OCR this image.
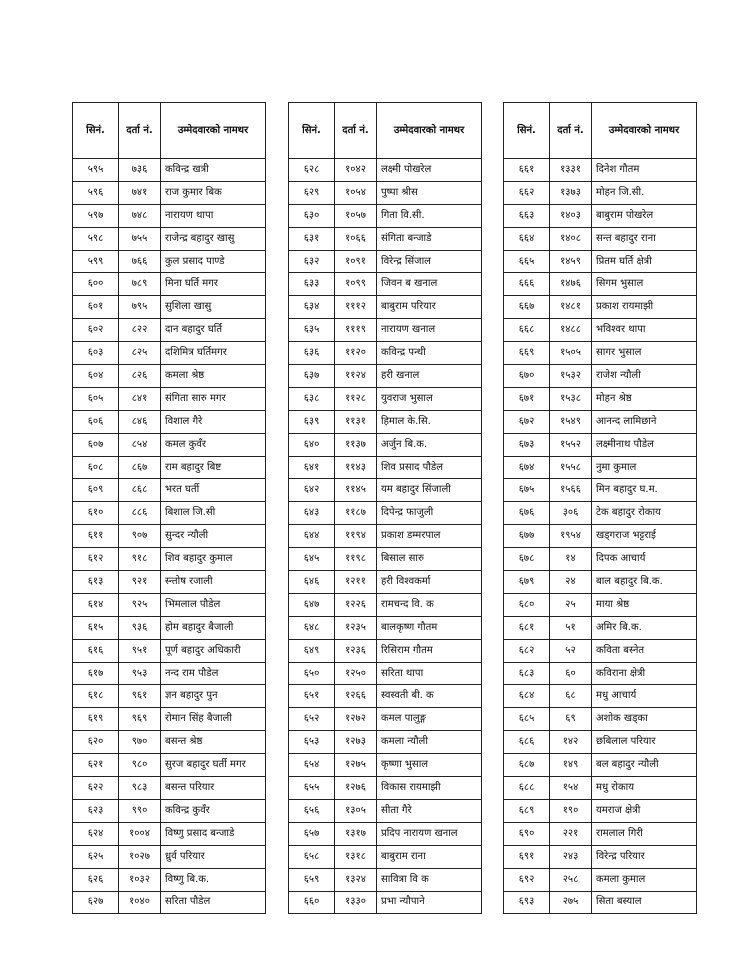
सिनं.	दर्ता नं.	उम्मेदवारको नामथर
५९५	७३६	कविन्द्र खत्री
५९६	७४१	राज कुमार बिक
५९७	७४८	नारायण थापा
५९८	७५५	राजेन्द्र बहादुर खासु
५९९	७६६	कुल प्रसाद पाण्डे
६००	७८९	मिना घर्ति मगर
६०१	७९५	सुशिला खासु
६०२	८२२	दान बहादुर घर्ति
६०३	८२५	दशिमित्र घर्तिमगर
६०४	८२६	कमला श्रेष्ठ
६०५	८४१	संगिता सारु मगर
६०६	८४६	विशाल गैरे
६०७	८५४	कमल कुवँर
६०८	८६७	राम बहादुर बिष्ट
६०९	८६८	भरत घर्ती
६१०	८८६	बिशाल जि.सी
६११	९०७	सुन्दर न्यौली
६१२	९१८	शिव बहादुर कुमाल
६१३	९२१	स्न्तोष रजाली
६१४	९२५	भिमलाल पौडेल
६१५	९३६	होम बहादुर बैजाली
६१६	९५१	पूर्ण बहादुर अधिकारी
६१७	९५३	नन्द राम पौडेल
६१८	९६१	ज्ञन बहादुर पुन
६१९	९६९	रोमान सिंह बैजाली
६२०	९७०	बसन्त श्रेष्ठ
६२१	९८०	सुरज बहादुर घर्ती मगर
६२२	९८३	बसन्त परियार
६२३	९९०	कविन्द्र कुवँर
६२४	१००४	विष्णु प्रसाद बन्जाडे
६२५	१०२७	ध्रुर्व परियार
६२६	१०३२	विष्णु बि.क.
६२७	१०४०	सरिता पौडेल
सिनं.	दर्ता नं.	उम्मेदवारको नामथर
६२८	१०४२	लक्ष्मी पोखरेल
६२९	१०५४	पुष्पा श्रीस
६३०	१०५७	गिता वि.सी.
६३१	१०६६	संगिता बन्जाडे
६३२	१०९१	विरेन्द्र सिंजाल
६३३	१०९९	जिवन ब खनाल
६३४	१११२	बाबुराम परियार
६३५	१११९	नारायण खनाल
६३६	११२०	कविन्द्र पन्थी
६३७	११२४	हरी खनाल
६३८	११२८	युवराज भुसाल
६३९	११३१	हिमाल के.सि.
६४०	११३७	अर्जुन बि.क.
६४१	११४३	शिव प्रसाद पौडेल
६४२	११४५	यम बहादुर सिंजाली
६४३	११८७	दिपेन्द्र फाजुली
६४४	११९४	प्रकाश डम्मरपाल
६४५	११९८	बिसाल सारु
६४६	१२११	हरी विश्वकर्मा
६४७	१२२६	रामचन्द वि. क
६४८	१२३५	बालकृष्ण गौतम
६४९	१२३६	रिसिराम गौतम
६५०	१२५०	सरिता थापा
६५१	१२६६	स्वस्वती बी. क
६५२	१२७२	कमल पालुङ्ग
६५३	१२७३	कमला न्यौली
६५४	१२७५	कृष्णा भुसाल
६५५	१२७६	विकास रायमाझी
६५६	१३०५	सीता गैरे
६५७	१३१७	प्रदिप नारायण खनाल
६५८	१३१८	बाबुराम राना
६५९	१३२४	सावित्रा वि क
६६०	१३३०	प्रभा न्यौपाने
सिनं.	दर्ता नं.	उम्मेदवारको नामथर
६६१	१३३१	दिनेश गौतम
६६२	१३७३	मोहन जि.सी.
६६३	१४०३	बाबुराम पोखरेल
६६४	१४०८	सन्त बहादुर राना
६६५	१४५९	प्रितम घर्ति क्षेत्री
६६६	१४७६	सिगम भुसाल
६६७	१४८१	प्रकाश रायमाझी
६६८	१४८८	भविश्वर थापा
६६९	१५०५	सागर भुसाल
६७०	१५३२	राजेश न्यौली
६७१	१५३८	मोहन श्रेष्ठ
६७२	१५४९	आनन्द लामिछाने
६७३	१५५२	लक्ष्मीनाथ पौडेल
६७४	१५५८	नुमा कुमाल
६७५	१५६६	मिन बहादुर घ.म.
६७६	३०६	टेक बहादुर रोकाय
६७७	१९५४	खड्गराज भट्टराई
६७८	१४	दिपक आचार्य
६७९	२४	बाल बहादुर बि.क.
६८०	२५	माया श्रेष्ठ
६८१	५१	अमिर बि.क.
६८२	५२	कविता बस्नेत
६८३	६०	कविराना क्षेत्री
६८४	६८	मधु आचार्य
६८५	६९	अशोक खड्का
६८६	१४२	छबिलाल परियार
६८७	१४९	बल बहादुर न्यौली
६८८	१५४	मधु रोकाय
६८९	१९०	यमराज क्षेत्री
६९०	२२१	रामलाल गिरी
६९१	२४३	विरेन्द्र परियार
६९२	२५८	कमला कुमाल
६९३	२७५	सिता बस्याल
